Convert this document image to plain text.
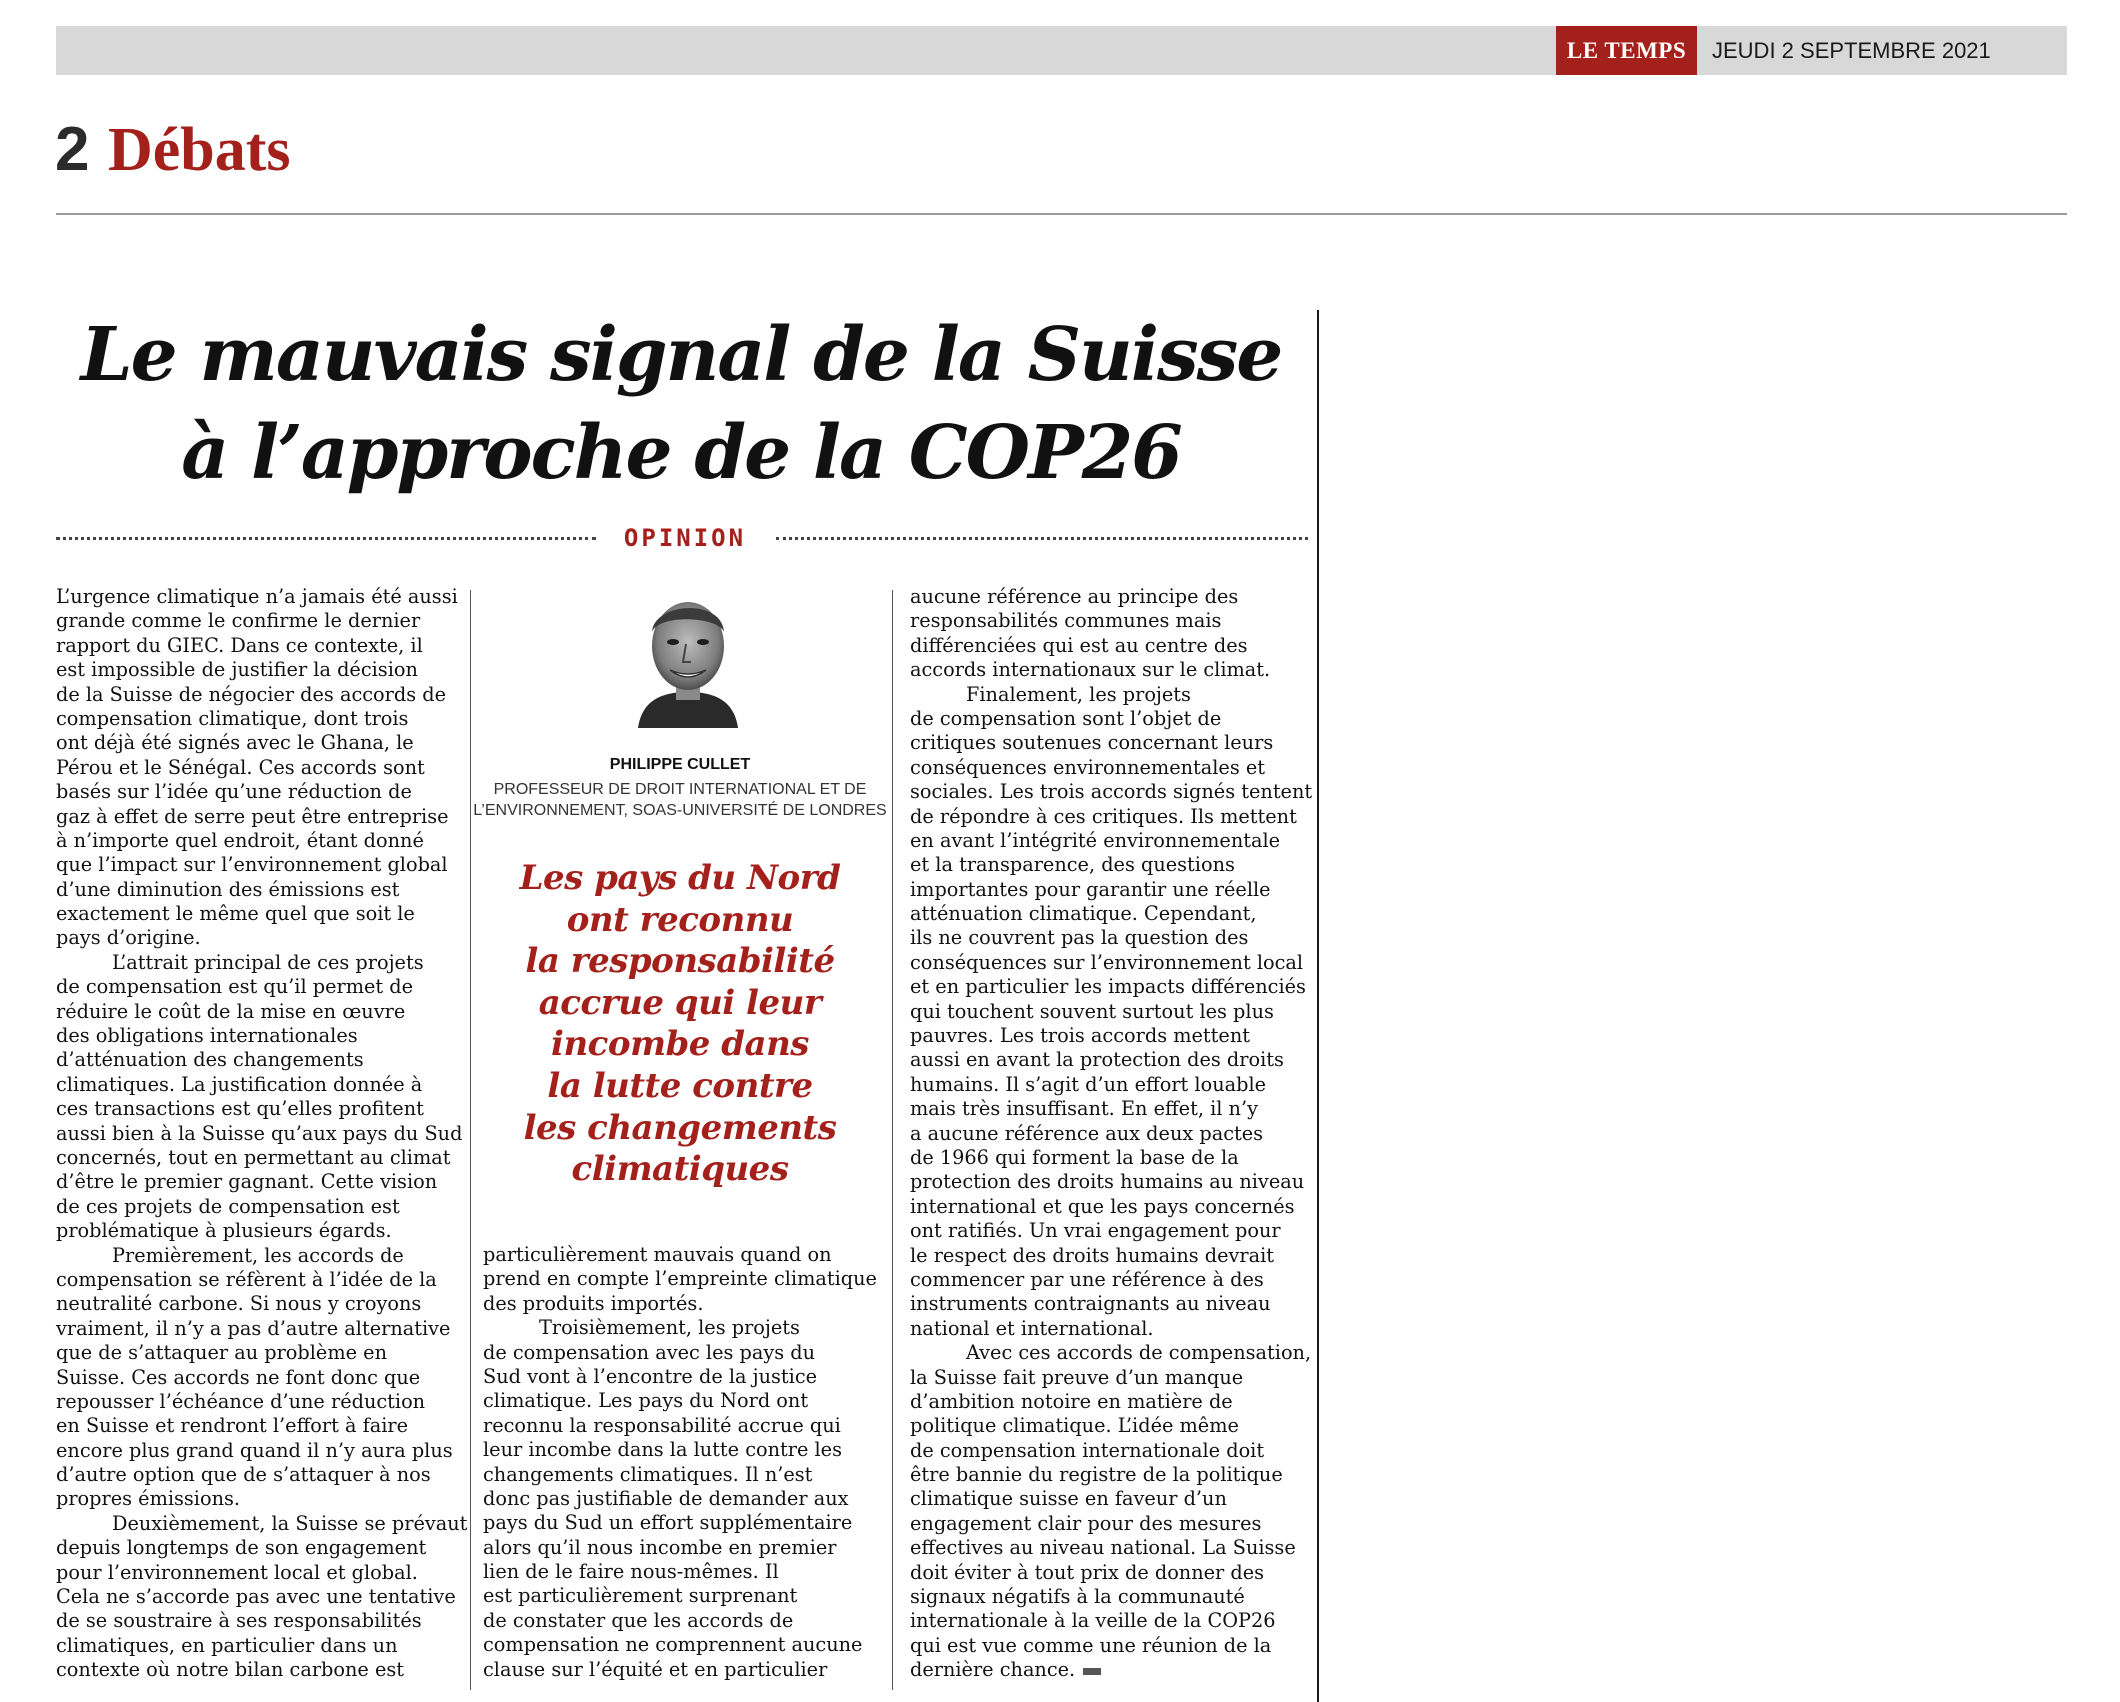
LE TEMPS	JEUDI 2 SEPTEMBRE 2021
2 Débats
Le mauvais signal de la Suisse
à l’approche de la COP26
OPINION
L’urgence climatique n’a jamais été aussi
grande comme le confirme le dernier
rapport du GIEC. Dans ce contexte, il
est impossible de justifier la décision
de la Suisse de négocier des accords de
compensation climatique, dont trois
ont déjà été signés avec le Ghana, le
Pérou et le Sénégal. Ces accords sont
basés sur l’idée qu’une réduction de
gaz à effet de serre peut être entreprise
à n’importe quel endroit, étant donné
que l’impact sur l’environnement global
d’une diminution des émissions est
exactement le même quel que soit le
pays d’origine.
L’attrait principal de ces projets
de compensation est qu’il permet de
réduire le coût de la mise en œuvre
des obligations internationales
d’atténuation des changements
climatiques. La justification donnée à
ces transactions est qu’elles profitent
aussi bien à la Suisse qu’aux pays du Sud
concernés, tout en permettant au climat
d’être le premier gagnant. Cette vision
de ces projets de compensation est
problématique à plusieurs égards.
Premièrement, les accords de
compensation se réfèrent à l’idée de la
neutralité carbone. Si nous y croyons
vraiment, il n’y a pas d’autre alternative
que de s’attaquer au problème en
Suisse. Ces accords ne font donc que
repousser l’échéance d’une réduction
en Suisse et rendront l’effort à faire
encore plus grand quand il n’y aura plus
d’autre option que de s’attaquer à nos
propres émissions.
Deuxièmement, la Suisse se prévaut
depuis longtemps de son engagement
pour l’environnement local et global.
Cela ne s’accorde pas avec une tentative
de se soustraire à ses responsabilités
climatiques, en particulier dans un
contexte où notre bilan carbone est
PHILIPPE CULLET
PROFESSEUR DE DROIT INTERNATIONAL ET DE
L’ENVIRONNEMENT, SOAS-UNIVERSITÉ DE LONDRES
Les pays du Nord
ont reconnu
la responsabilité
accrue qui leur
incombe dans
la lutte contre
les changements
climatiques
particulièrement mauvais quand on
prend en compte l’empreinte climatique
des produits importés.
Troisièmement, les projets
de compensation avec les pays du
Sud vont à l’encontre de la justice
climatique. Les pays du Nord ont
reconnu la responsabilité accrue qui
leur incombe dans la lutte contre les
changements climatiques. Il n’est
donc pas justifiable de demander aux
pays du Sud un effort supplémentaire
alors qu’il nous incombe en premier
lien de le faire nous-mêmes. Il
est particulièrement surprenant
de constater que les accords de
compensation ne comprennent aucune
clause sur l’équité et en particulier
aucune référence au principe des
responsabilités communes mais
différenciées qui est au centre des
accords internationaux sur le climat.
Finalement, les projets
de compensation sont l’objet de
critiques soutenues concernant leurs
conséquences environnementales et
sociales. Les trois accords signés tentent
de répondre à ces critiques. Ils mettent
en avant l’intégrité environnementale
et la transparence, des questions
importantes pour garantir une réelle
atténuation climatique. Cependant,
ils ne couvrent pas la question des
conséquences sur l’environnement local
et en particulier les impacts différenciés
qui touchent souvent surtout les plus
pauvres. Les trois accords mettent
aussi en avant la protection des droits
humains. Il s’agit d’un effort louable
mais très insuffisant. En effet, il n’y
a aucune référence aux deux pactes
de 1966 qui forment la base de la
protection des droits humains au niveau
international et que les pays concernés
ont ratifiés. Un vrai engagement pour
le respect des droits humains devrait
commencer par une référence à des
instruments contraignants au niveau
national et international.
Avec ces accords de compensation,
la Suisse fait preuve d’un manque
d’ambition notoire en matière de
politique climatique. L’idée même
de compensation internationale doit
être bannie du registre de la politique
climatique suisse en faveur d’un
engagement clair pour des mesures
effectives au niveau national. La Suisse
doit éviter à tout prix de donner des
signaux négatifs à la communauté
internationale à la veille de la COP26
qui est vue comme une réunion de la
dernière chance.
